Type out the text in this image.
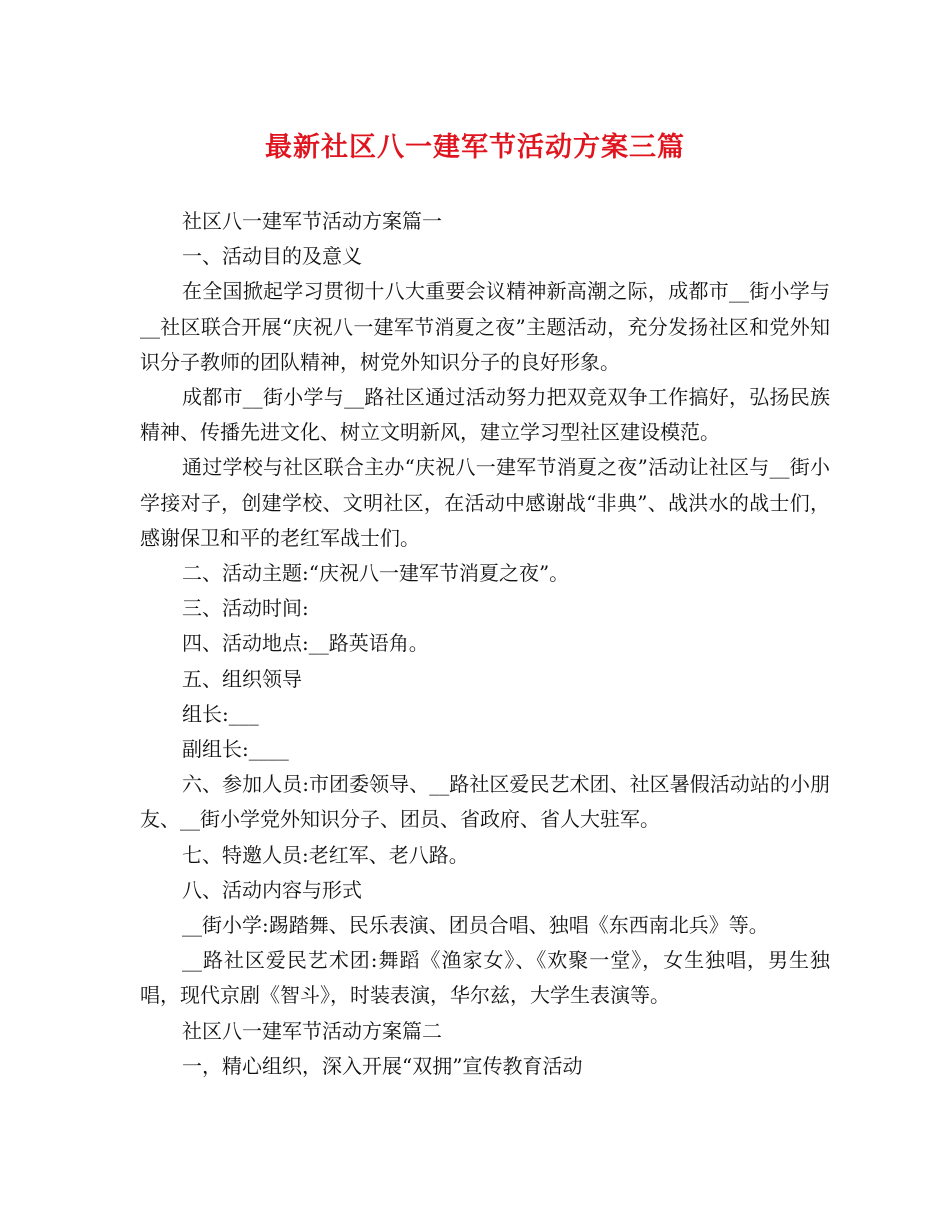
最新社区八一建军节活动方案三篇

社区八一建军节活动方案篇一

一、活动目的及意义

在全国掀起学习贯彻十八大重要会议精神新高潮之际，成都市__街小学与__社区联合开展“庆祝八一建军节消夏之夜”主题活动，充分发扬社区和党外知识分子教师的团队精神，树党外知识分子的良好形象。

成都市__街小学与__路社区通过活动努力把双竞双争工作搞好，弘扬民族精神、传播先进文化、树立文明新风，建立学习型社区建设模范。

通过学校与社区联合主办“庆祝八一建军节消夏之夜”活动让社区与__街小学接对子，创建学校、文明社区，在活动中感谢战“非典”、战洪水的战士们，感谢保卫和平的老红军战士们。

二、活动主题:“庆祝八一建军节消夏之夜”。

三、活动时间:

四、活动地点:__路英语角。

五、组织领导

组长:___

副组长:____

六、参加人员:市团委领导、__路社区爱民艺术团、社区暑假活动站的小朋友、__街小学党外知识分子、团员、省政府、省人大驻军。

七、特邀人员:老红军、老八路。

八、活动内容与形式

__街小学:踢踏舞、民乐表演、团员合唱、独唱《东西南北兵》等。

__路社区爱民艺术团:舞蹈《渔家女》、《欢聚一堂》，女生独唱，男生独唱，现代京剧《智斗》，时装表演，华尔兹，大学生表演等。

社区八一建军节活动方案篇二

一，精心组织，深入开展“双拥”宣传教育活动
